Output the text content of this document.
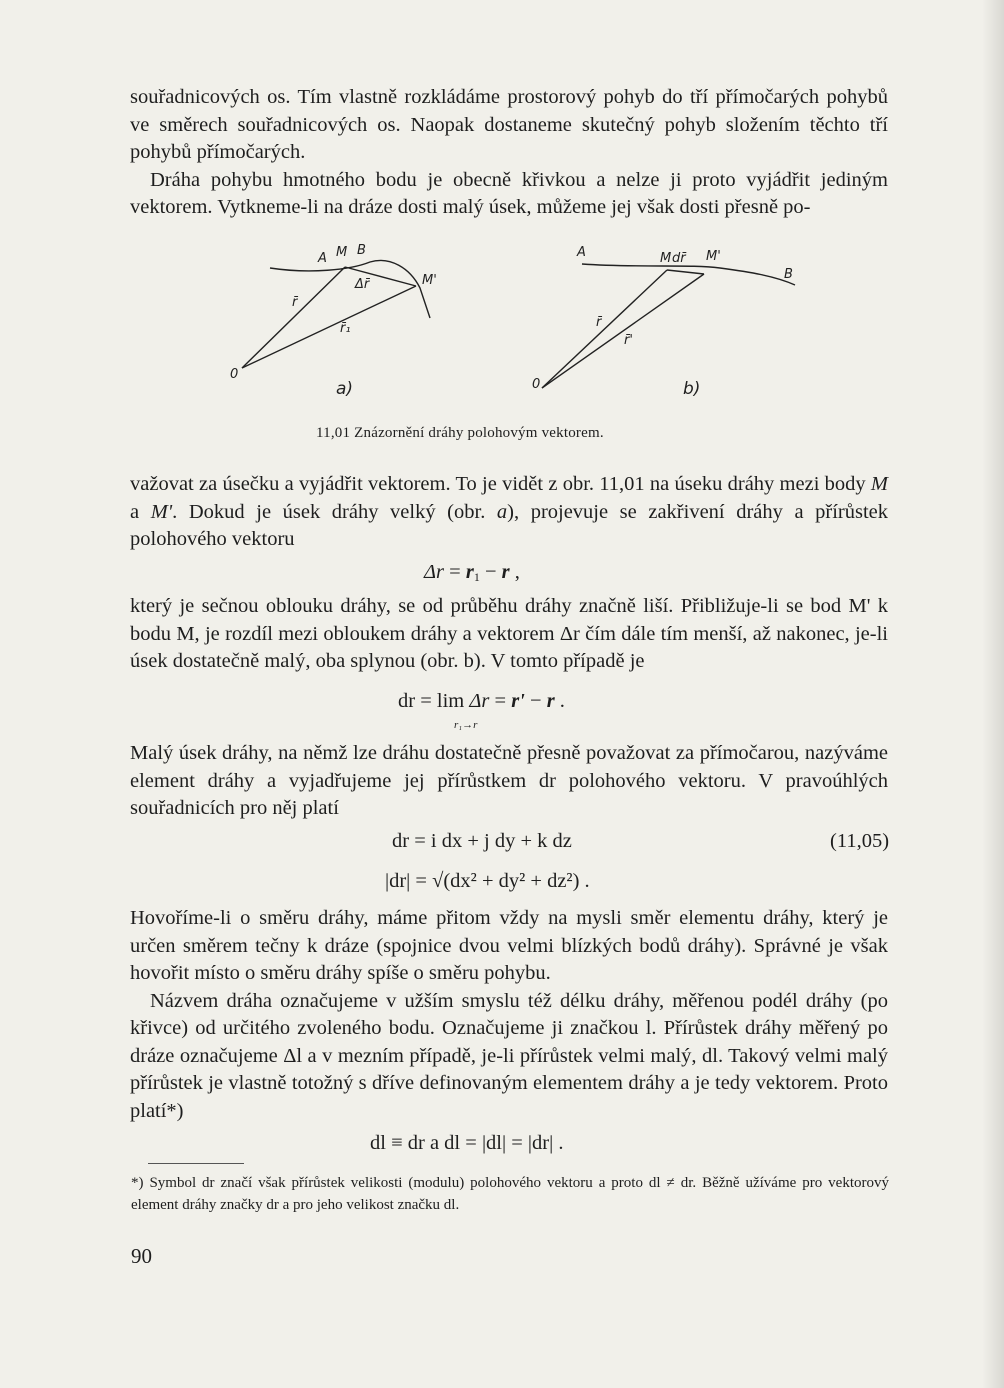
souřadnicových os. Tím vlastně rozkládáme prostorový pohyb do tří přímočarých pohybů ve směrech souřadnicových os. Naopak dostaneme skutečný pohyb složením těchto tří pohybů přímočarých.

Dráha pohybu hmotného bodu je obecně křivkou a nelze ji proto vyjádřit jediným vektorem. Vytkneme-li na dráze dosti malý úsek, můžeme jej však dosti přesně po-

A M B
Δr̄	M'
r̄
r̄₁
0
a)
A	M dr̄ M'
B
r̄
r̄'
0	b)
11,01 Znázornění dráhy polohovým vektorem.

važovat za úsečku a vyjádřit vektorem. To je vidět z obr. 11,01 na úseku dráhy mezi body M a M'. Dokud je úsek dráhy velký (obr. a), projevuje se zakřivení dráhy a přírůstek polohového vektoru

$\Delta r = r_1 - r$ ,

který je sečnou oblouku dráhy, se od průběhu dráhy značně liší. Přibližuje-li se bod M' k bodu M, je rozdíl mezi obloukem dráhy a vektorem Δr čím dále tím menší, až nakonec, je-li úsek dostatečně malý, oba splynou (obr. b). V tomto případě je

dr = lim Δr = r' − r .
r₁→r

Malý úsek dráhy, na němž lze dráhu dostatečně přesně považovat za přímočarou, nazýváme element dráhy a vyjadřujeme jej přírůstkem dr polohového vektoru. V pravoúhlých souřadnicích pro něj platí

dr = i dx + j dy + k dz	(11,05)
|dr| = √(dx² + dy² + dz²) .

Hovoříme-li o směru dráhy, máme přitom vždy na mysli směr elementu dráhy, který je určen směrem tečny k dráze (spojnice dvou velmi blízkých bodů dráhy). Správné je však hovořit místo o směru dráhy spíše o směru pohybu.

Názvem dráha označujeme v užším smyslu též délku dráhy, měřenou podél dráhy (po křivce) od určitého zvoleného bodu. Označujeme ji značkou l. Přírůstek dráhy měřený po dráze označujeme Δl a v mezním případě, je-li přírůstek velmi malý, dl. Takový velmi malý přírůstek je vlastně totožný s dříve definovaným elementem dráhy a je tedy vektorem. Proto platí*)

dl ≡ dr a dl = |dl| = |dr| .
*) Symbol dr značí však přírůstek velikosti (modulu) polohového vektoru a proto dl ≠ dr. Běžně užíváme pro vektorový element dráhy značky dr a pro jeho velikost značku dl.
90
